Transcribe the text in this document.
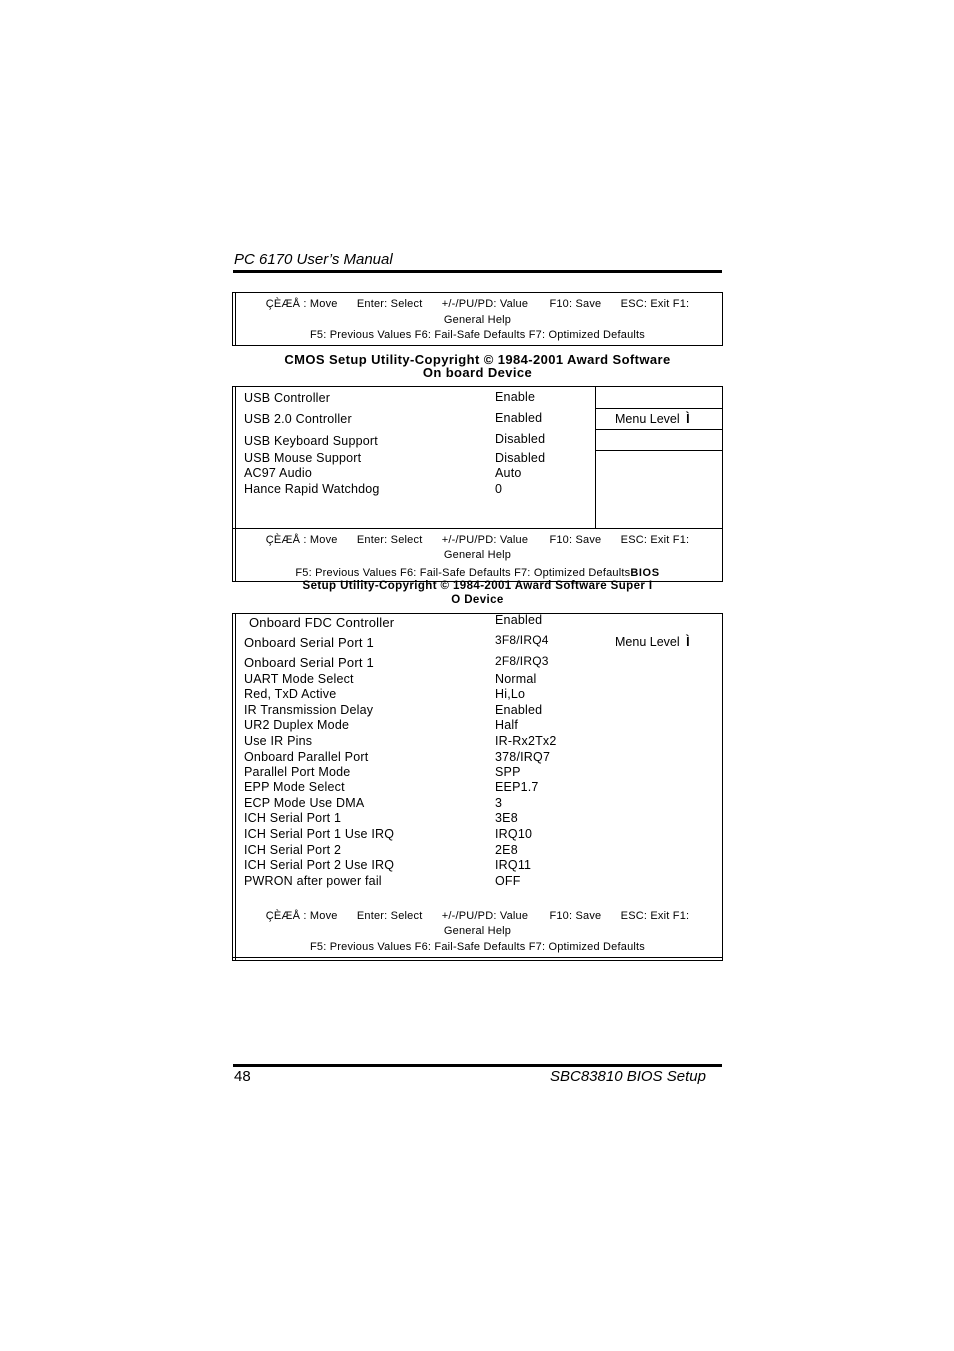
PC 6170 User’s Manual
ÇÈÆÅ : Move Enter: Select +/-/PU/PD: Value F10: Save ESC: Exit F1:
General Help
F5: Previous Values F6: Fail-Safe Defaults F7: Optimized Defaults
CMOS Setup Utility-Copyright © 1984-2001 Award Software
On board Device
USB Controller	Enable
USB 2.0 Controller	Enabled
USB Keyboard Support	Disabled
USB Mouse Support	Disabled
AC97 Audio	Auto
Hance Rapid Watchdog	0
Menu Level Ì
ÇÈÆÅ : Move Enter: Select +/-/PU/PD: Value F10: Save ESC: Exit F1:
General Help
F5: Previous Values F6: Fail-Safe Defaults F7: Optimized DefaultsBIOS
Setup Utility-Copyright © 1984-2001 Award Software Super I
O Device
Onboard FDC Controller	Enabled
Onboard Serial Port 1	3F8/IRQ4
Onboard Serial Port 1	2F8/IRQ3
UART Mode Select	Normal
Red, TxD Active	Hi,Lo
IR Transmission Delay	Enabled
UR2 Duplex Mode	Half
Use IR Pins	IR-Rx2Tx2
Onboard Parallel Port	378/IRQ7
Parallel Port Mode	SPP
EPP Mode Select	EEP1.7
ECP Mode Use DMA	3
ICH Serial Port 1	3E8
ICH Serial Port 1 Use IRQ	IRQ10
ICH Serial Port 2	2E8
ICH Serial Port 2 Use IRQ	IRQ11
PWRON after power fail	OFF
Menu Level Ì
ÇÈÆÅ : Move Enter: Select +/-/PU/PD: Value F10: Save ESC: Exit F1:
General Help
F5: Previous Values F6: Fail-Safe Defaults F7: Optimized Defaults
48	SBC83810 BIOS Setup
